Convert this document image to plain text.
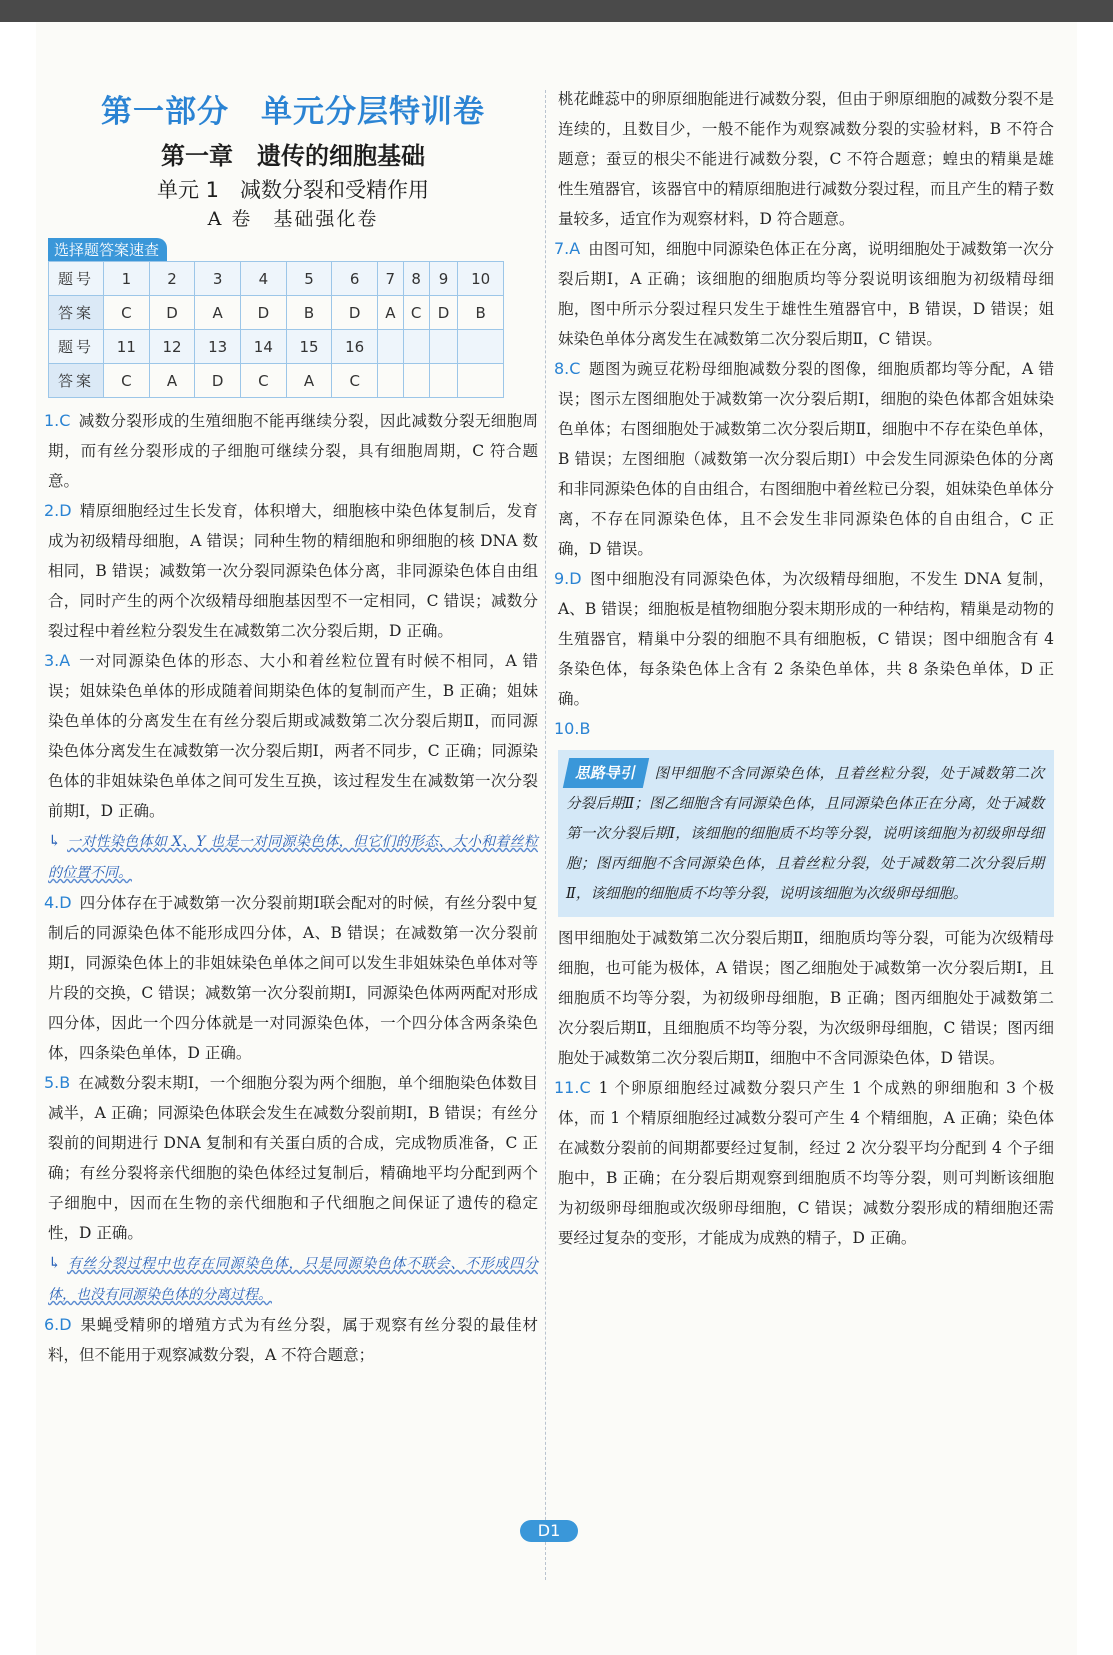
第一部分　单元分层特训卷
第一章　遗传的细胞基础
单元 1　减数分裂和受精作用
A 卷　基础强化卷
选择题答案速查
题号	1	2	3	4	5	6	7	8	9	10
答案	C	D	A	D	B	D	A	C	D	B
题号	11	12	13	14	15	16				
答案	C	A	D	C	A	C				
1.C 减数分裂形成的生殖细胞不能再继续分裂，因此减数分裂无细胞周期，而有丝分裂形成的子细胞可继续分裂，具有细胞周期，C 符合题意。
2.D 精原细胞经过生长发育，体积增大，细胞核中染色体复制后，发育成为初级精母细胞，A 错误；同种生物的精细胞和卵细胞的核 DNA 数相同，B 错误；减数第一次分裂同源染色体分离，非同源染色体自由组合，同时产生的两个次级精母细胞基因型不一定相同，C 错误；减数分裂过程中着丝粒分裂发生在减数第二次分裂后期，D 正确。
3.A 一对同源染色体的形态、大小和着丝粒位置有时候不相同，A 错误；姐妹染色单体的形成随着间期染色体的复制而产生，B 正确；姐妹染色单体的分离发生在有丝分裂后期或减数第二次分裂后期Ⅱ，而同源染色体分离发生在减数第一次分裂后期Ⅰ，两者不同步，C 正确；同源染色体的非姐妹染色单体之间可发生互换，该过程发生在减数第一次分裂前期Ⅰ，D 正确。
↳ 一对性染色体如 X、Y 也是一对同源染色体，但它们的形态、大小和着丝粒的位置不同。
4.D 四分体存在于减数第一次分裂前期Ⅰ联会配对的时候，有丝分裂中复制后的同源染色体不能形成四分体，A、B 错误；在减数第一次分裂前期Ⅰ，同源染色体上的非姐妹染色单体之间可以发生非姐妹染色单体对等片段的交换，C 错误；减数第一次分裂前期Ⅰ，同源染色体两两配对形成四分体，因此一个四分体就是一对同源染色体，一个四分体含两条染色体，四条染色单体，D 正确。
5.B 在减数分裂末期Ⅰ，一个细胞分裂为两个细胞，单个细胞染色体数目减半，A 正确；同源染色体联会发生在减数分裂前期Ⅰ，B 错误；有丝分裂前的间期进行 DNA 复制和有关蛋白质的合成，完成物质准备，C 正确；有丝分裂将亲代细胞的染色体经过复制后，精确地平均分配到两个子细胞中，因而在生物的亲代细胞和子代细胞之间保证了遗传的稳定性，D 正确。
↳ 有丝分裂过程中也存在同源染色体，只是同源染色体不联会、不形成四分体，也没有同源染色体的分离过程。
6.D 果蝇受精卵的增殖方式为有丝分裂，属于观察有丝分裂的最佳材料，但不能用于观察减数分裂，A 不符合题意；
桃花雌蕊中的卵原细胞能进行减数分裂，但由于卵原细胞的减数分裂不是连续的，且数目少，一般不能作为观察减数分裂的实验材料，B 不符合题意；蚕豆的根尖不能进行减数分裂，C 不符合题意；蝗虫的精巢是雄性生殖器官，该器官中的精原细胞进行减数分裂过程，而且产生的精子数量较多，适宜作为观察材料，D 符合题意。
7.A 由图可知，细胞中同源染色体正在分离，说明细胞处于减数第一次分裂后期Ⅰ，A 正确；该细胞的细胞质均等分裂说明该细胞为初级精母细胞，图中所示分裂过程只发生于雄性生殖器官中，B 错误，D 错误；姐妹染色单体分离发生在减数第二次分裂后期Ⅱ，C 错误。
8.C 题图为豌豆花粉母细胞减数分裂的图像，细胞质都均等分配，A 错误；图示左图细胞处于减数第一次分裂后期Ⅰ，细胞的染色体都含姐妹染色单体；右图细胞处于减数第二次分裂后期Ⅱ，细胞中不存在染色单体，B 错误；左图细胞（减数第一次分裂后期Ⅰ）中会发生同源染色体的分离和非同源染色体的自由组合，右图细胞中着丝粒已分裂，姐妹染色单体分离，不存在同源染色体，且不会发生非同源染色体的自由组合，C 正确，D 错误。
9.D 图中细胞没有同源染色体，为次级精母细胞，不发生 DNA 复制，A、B 错误；细胞板是植物细胞分裂末期形成的一种结构，精巢是动物的生殖器官，精巢中分裂的细胞不具有细胞板，C 错误；图中细胞含有 4 条染色体，每条染色体上含有 2 条染色单体，共 8 条染色单体，D 正确。
10.B
思路导引 图甲细胞不含同源染色体，且着丝粒分裂，处于减数第二次分裂后期Ⅱ；图乙细胞含有同源染色体，且同源染色体正在分离，处于减数第一次分裂后期Ⅰ，该细胞的细胞质不均等分裂，说明该细胞为初级卵母细胞；图丙细胞不含同源染色体，且着丝粒分裂，处于减数第二次分裂后期Ⅱ，该细胞的细胞质不均等分裂，说明该细胞为次级卵母细胞。
图甲细胞处于减数第二次分裂后期Ⅱ，细胞质均等分裂，可能为次级精母细胞，也可能为极体，A 错误；图乙细胞处于减数第一次分裂后期Ⅰ，且细胞质不均等分裂，为初级卵母细胞，B 正确；图丙细胞处于减数第二次分裂后期Ⅱ，且细胞质不均等分裂，为次级卵母细胞，C 错误；图丙细胞处于减数第二次分裂后期Ⅱ，细胞中不含同源染色体，D 错误。
11.C 1 个卵原细胞经过减数分裂只产生 1 个成熟的卵细胞和 3 个极体，而 1 个精原细胞经过减数分裂可产生 4 个精细胞，A 正确；染色体在减数分裂前的间期都要经过复制，经过 2 次分裂平均分配到 4 个子细胞中，B 正确；在分裂后期观察到细胞质不均等分裂，则可判断该细胞为初级卵母细胞或次级卵母细胞，C 错误；减数分裂形成的精细胞还需要经过复杂的变形，才能成为成熟的精子，D 正确。
D1
